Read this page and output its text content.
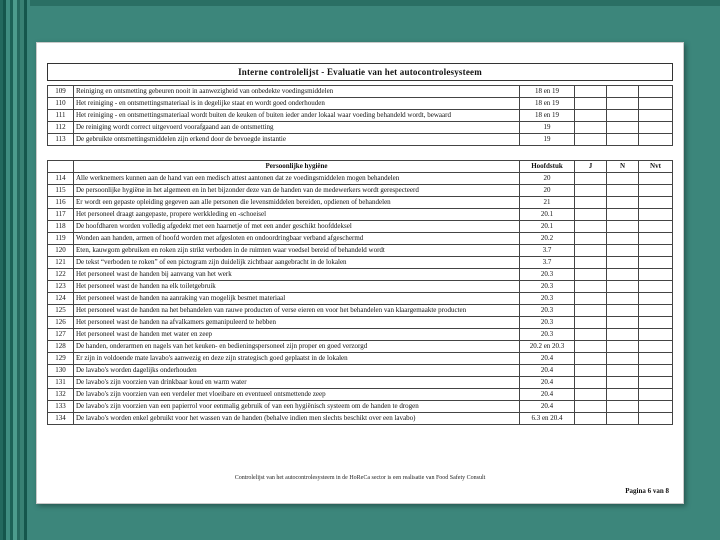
Interne controlelijst - Evaluatie van het autocontrolesysteem
109	Reiniging en ontsmetting gebeuren nooit in aanwezigheid van onbedekte voedingsmiddelen	18 en 19			
110	Het reiniging - en ontsmettingsmateriaal is in degelijke staat en wordt goed onderhouden	18 en 19			
111	Het reiniging - en ontsmettingsmateriaal wordt buiten de keuken of buiten ieder ander lokaal waar voeding behandeld wordt, bewaard	18 en 19			
112	De reiniging wordt correct uitgevoerd voorafgaand aan de ontsmetting	19			
113	De gebruikte ontsmettingsmiddelen zijn erkend door de bevoegde instantie	19			
	Persoonlijke hygiëne	Hoofdstuk	J	N	Nvt
114	Alle werknemers kunnen aan de hand van een medisch attest aantonen dat ze voedingsmiddelen mogen behandelen	20			
115	De persoonlijke hygiëne in het algemeen en in het bijzonder deze van de handen van de medewerkers wordt gerespecteerd	20			
116	Er wordt een gepaste opleiding gegeven aan alle personen die levensmiddelen bereiden, opdienen of behandelen	21			
117	Het personeel draagt aangepaste, propere werkkleding en -schoeisel	20.1			
118	De hoofdharen worden volledig afgedekt met een haarnetje of met een ander geschikt hoofddeksel	20.1			
119	Wonden aan handen, armen of hoofd worden met afgesloten en ondoordringbaar verband afgeschermd	20.2			
120	Eten, kauwgom gebruiken en roken zijn strikt verboden in de ruimten waar voedsel bereid of behandeld wordt	3.7			
121	De tekst “verboden te roken” of een pictogram zijn duidelijk zichtbaar aangebracht in de lokalen	3.7			
122	Het personeel wast de handen bij aanvang van het werk	20.3			
123	Het personeel wast de handen na elk toiletgebruik	20.3			
124	Het personeel wast de handen na aanraking van mogelijk besmet materiaal	20.3			
125	Het personeel wast de handen na het behandelen van rauwe producten of verse eieren en voor het behandelen van klaargemaakte producten	20.3			
126	Het personeel wast de handen na afvalkamers gemanipuleerd te hebben	20.3			
127	Het personeel wast de handen met water en zeep	20.3			
128	De handen, onderarmen en nagels van het keuken- en bedieningspersoneel zijn proper en goed verzorgd	20.2 en 20.3			
129	Er zijn in voldoende mate lavabo's aanwezig en deze zijn strategisch goed geplaatst in de lokalen	20.4			
130	De lavabo's worden dagelijks onderhouden	20.4			
131	De lavabo's zijn voorzien van drinkbaar koud en warm water	20.4			
132	De lavabo's zijn voorzien van een verdeler met vloeibare en eventueel ontsmettende zeep	20.4			
133	De lavabo's zijn voorzien van een papierrol voor eenmalig gebruik of van een hygiënisch systeem om de handen te drogen	20.4			
134	De lavabo's worden enkel gebruikt voor het wassen van de handen (behalve indien men slechts beschikt over een lavabo)	6.3 en 20.4			
Controlelijst van het autocontrolesysteem in de HoReCa sector is een realisatie van Food Safety Consult
Pagina 6 van 8
